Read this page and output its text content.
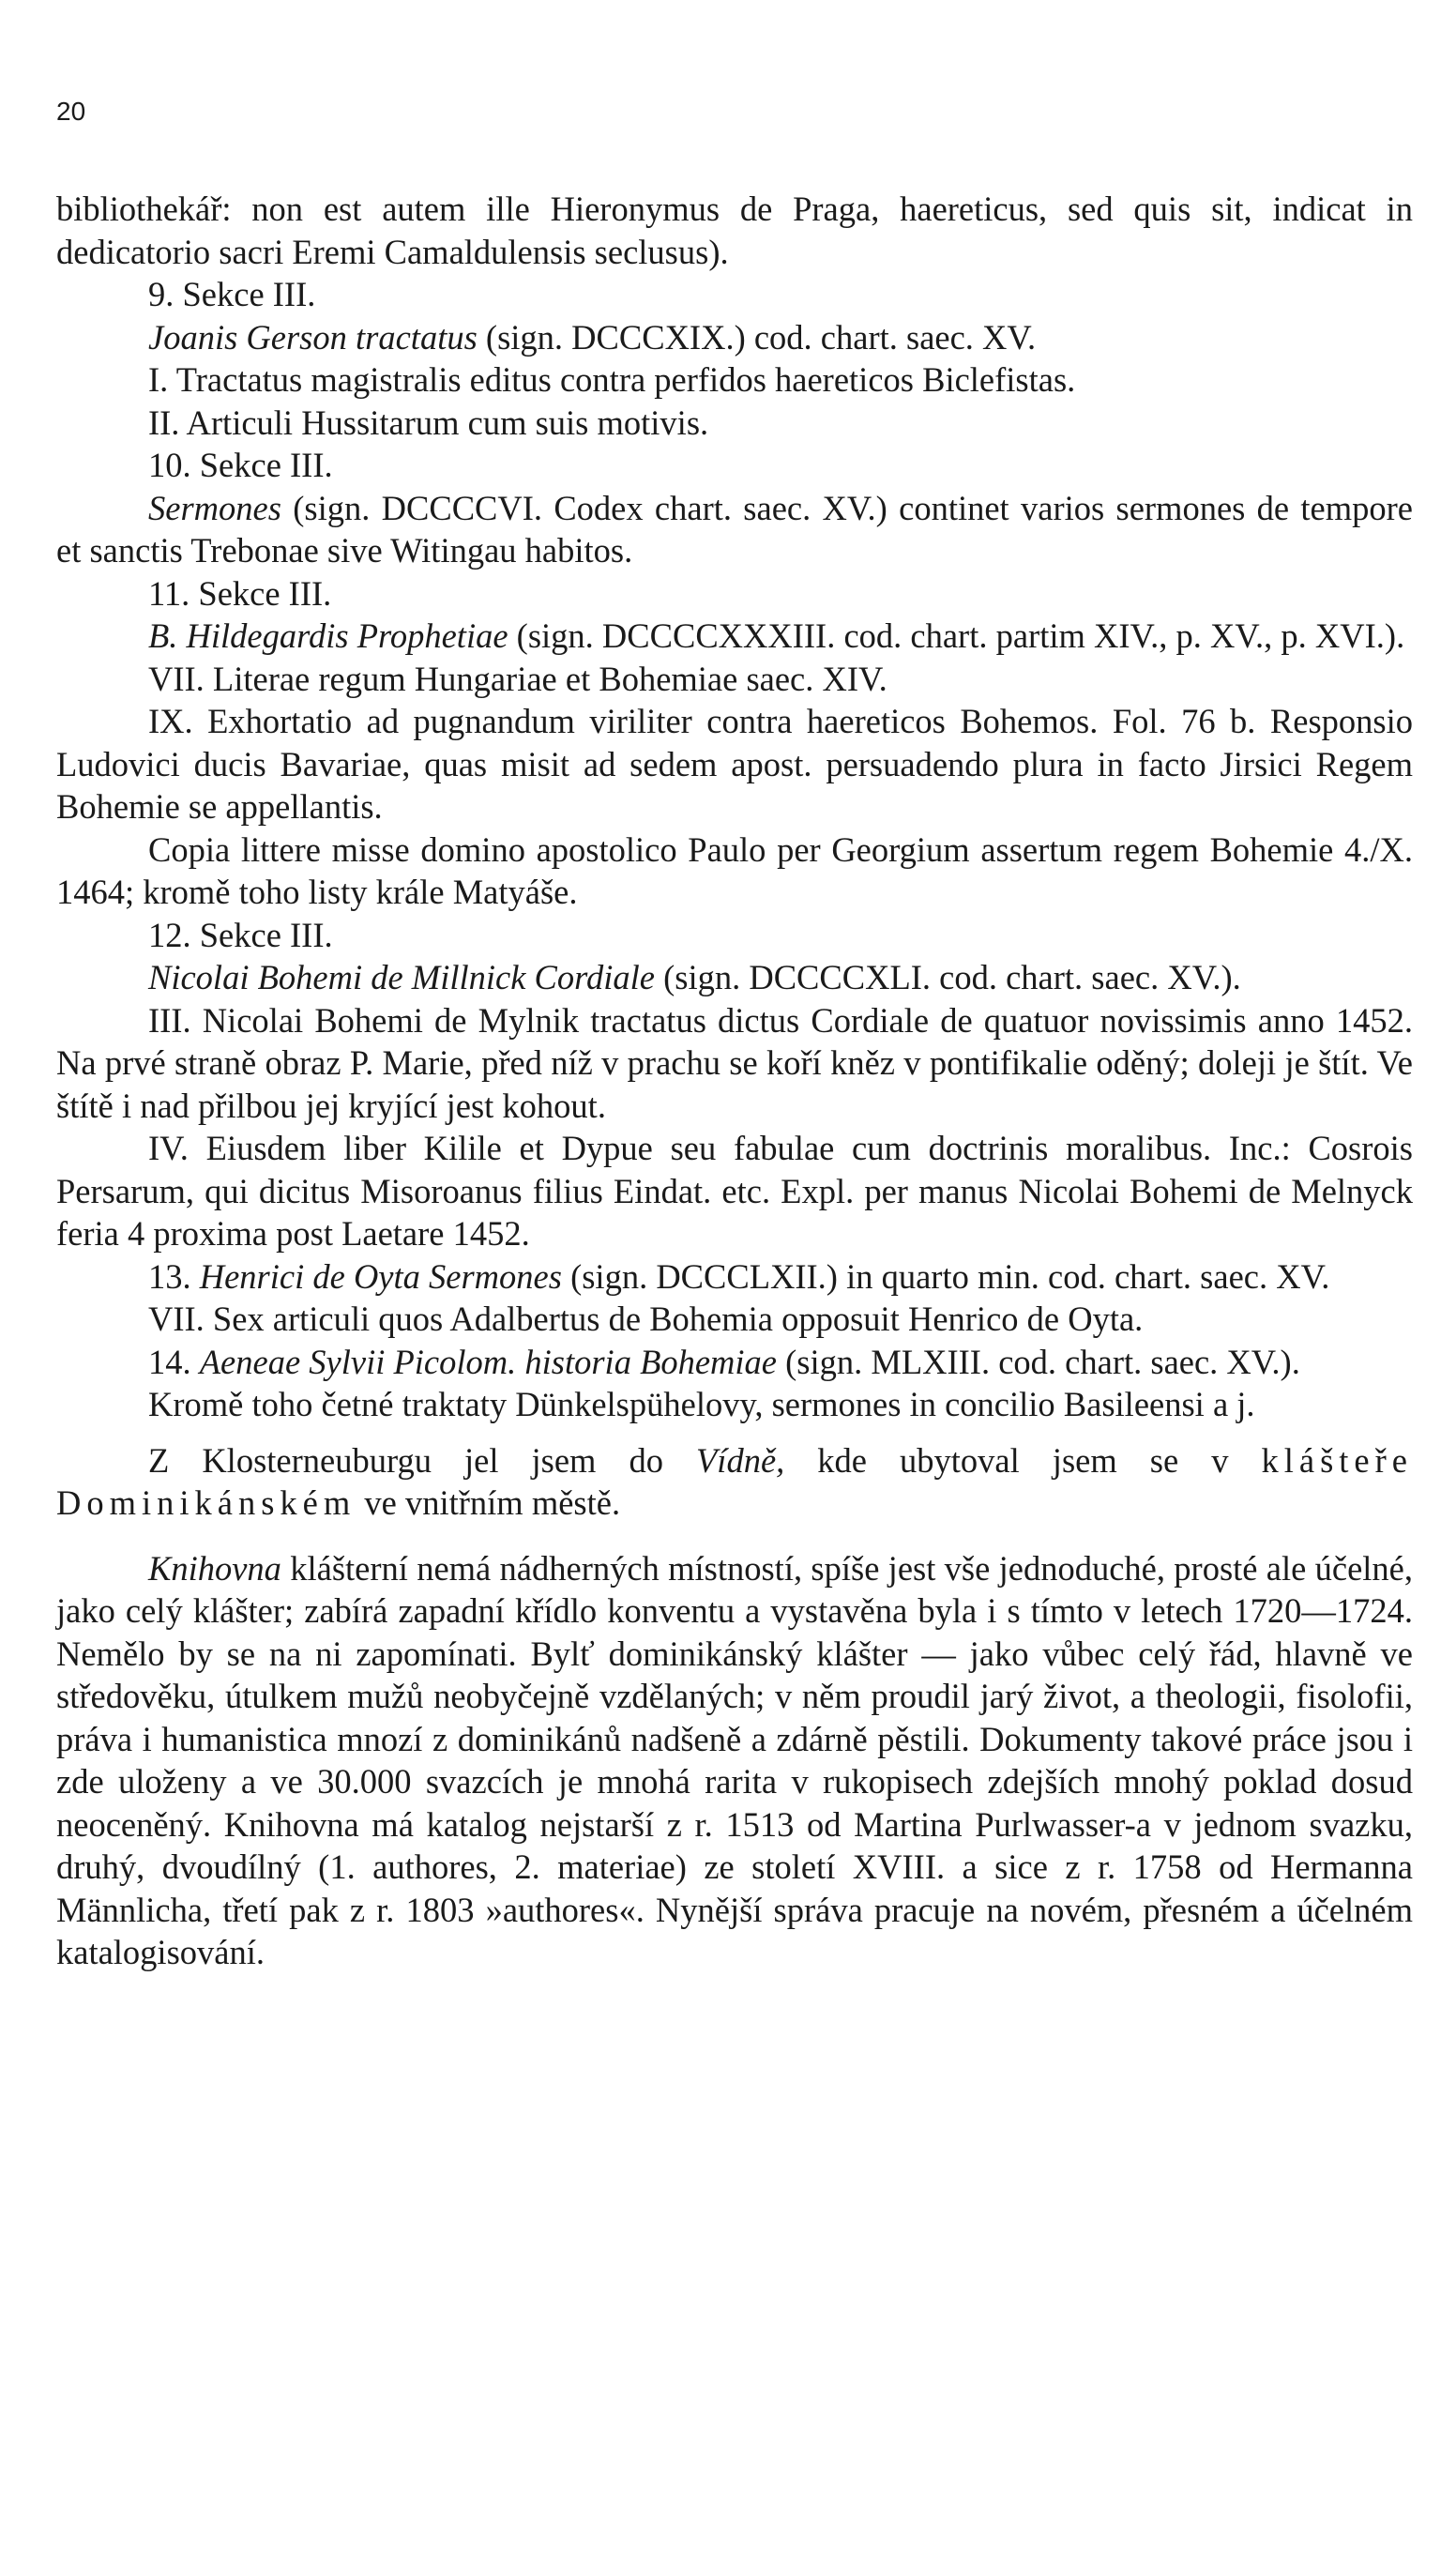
20

bibliothekář: non est autem ille Hieronymus de Praga, haereticus, sed quis sit, indicat in dedicatorio sacri Eremi Camaldulensis seclusus).

9. Sekce III.

Joanis Gerson tractatus (sign. DCCCXIX.) cod. chart. saec. XV.

I. Tractatus magistralis editus contra perfidos haereticos Biclefistas.

II. Articuli Hussitarum cum suis motivis.

10. Sekce III.

Sermones (sign. DCCCCVI. Codex chart. saec. XV.) continet varios sermones de tempore et sanctis Trebonae sive Witingau habitos.

11. Sekce III.

B. Hildegardis Prophetiae (sign. DCCCCXXXIII. cod. chart. partim XIV., p. XV., p. XVI.).

VII. Literae regum Hungariae et Bohemiae saec. XIV.

IX. Exhortatio ad pugnandum viriliter contra haereticos Bohemos. Fol. 76 b. Responsio Ludovici ducis Bavariae, quas misit ad sedem apost. persuadendo plura in facto Jirsici Regem Bohemie se appellantis.

Copia littere misse domino apostolico Paulo per Georgium assertum regem Bohemie 4./X. 1464; kromě toho listy krále Matyáše.

12. Sekce III.

Nicolai Bohemi de Millnick Cordiale (sign. DCCCCXLI. cod. chart. saec. XV.).

III. Nicolai Bohemi de Mylnik tractatus dictus Cordiale de quatuor novissimis anno 1452. Na prvé straně obraz P. Marie, před níž v prachu se koří kněz v pontifikalie oděný; doleji je štít. Ve štítě i nad přilbou jej kryjící jest kohout.

IV. Eiusdem liber Kilile et Dypue seu fabulae cum doctrinis moralibus. Inc.: Cosrois Persarum, qui dicitus Misoroanus filius Eindat. etc. Expl. per manus Nicolai Bohemi de Melnyck feria 4 proxima post Laetare 1452.

13. Henrici de Oyta Sermones (sign. DCCCLXII.) in quarto min. cod. chart. saec. XV.

VII. Sex articuli quos Adalbertus de Bohemia opposuit Henrico de Oyta.

14. Aeneae Sylvii Picolom. historia Bohemiae (sign. MLXIII. cod. chart. saec. XV.).

Kromě toho četné traktaty Dünkelspühelovy, sermones in concilio Basileensi a j.

Z Klosterneuburgu jel jsem do Vídně, kde ubytoval jsem se v klášteře Dominikánském ve vnitřním městě.

Knihovna klášterní nemá nádherných místností, spíše jest vše jednoduché, prosté ale účelné, jako celý klášter; zabírá zapadní křídlo konventu a vystavěna byla i s tímto v letech 1720—1724. Nemělo by se na ni zapomínati. Bylť dominikánský klášter — jako vůbec celý řád, hlavně ve středověku, útulkem mužů neobyčejně vzdělaných; v něm proudil jarý život, a theologii, fisolofii, práva i humanistica mnozí z dominikánů nadšeně a zdárně pěstili. Dokumenty takové práce jsou i zde uloženy a ve 30.000 svazcích je mnohá rarita v rukopisech zdejších mnohý poklad dosud neoceněný. Knihovna má katalog nejstarší z r. 1513 od Martina Purlwasser-a v jednom svazku, druhý, dvoudílný (1. authores, 2. materiae) ze století XVIII. a sice z r. 1758 od Hermanna Männlicha, třetí pak z r. 1803 »authores«. Nynější správa pracuje na novém, přesném a účelném katalogisování.
